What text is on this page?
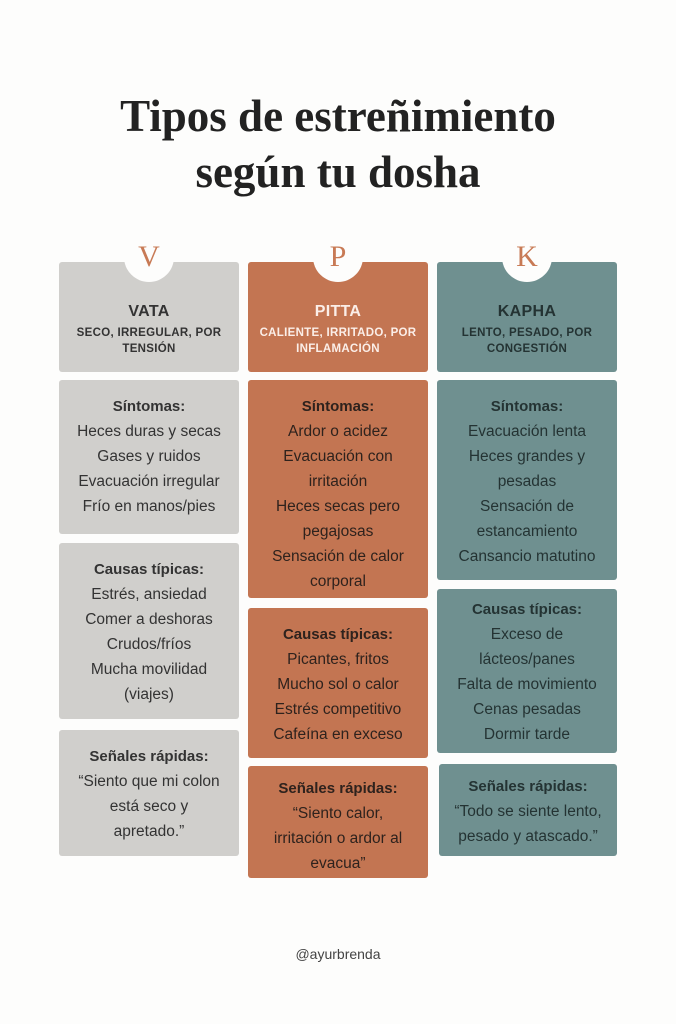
Tipos de estreñimiento
según tu dosha
V
VATA
SECO, IRREGULAR, POR TENSIÓN
Síntomas:
Heces duras y secas
Gases y ruidos
Evacuación irregular
Frío en manos/pies
Causas típicas:
Estrés, ansiedad
Comer a deshoras
Crudos/fríos
Mucha movilidad
(viajes)
Señales rápidas:
“Siento que mi colon
está seco y
apretado.”
P
PITTA
CALIENTE, IRRITADO, POR INFLAMACIÓN
Síntomas:
Ardor o acidez
Evacuación con
irritación
Heces secas pero
pegajosas
Sensación de calor
corporal
Causas típicas:
Picantes, fritos
Mucho sol o calor
Estrés competitivo
Cafeína en exceso
Señales rápidas:
“Siento calor,
irritación o ardor al
evacua”
K
KAPHA
LENTO, PESADO, POR CONGESTIÓN
Síntomas:
Evacuación lenta
Heces grandes y
pesadas
Sensación de
estancamiento
Cansancio matutino
Causas típicas:
Exceso de
lácteos/panes
Falta de movimiento
Cenas pesadas
Dormir tarde
Señales rápidas:
“Todo se siente lento,
pesado y atascado.”
@ayurbrenda
